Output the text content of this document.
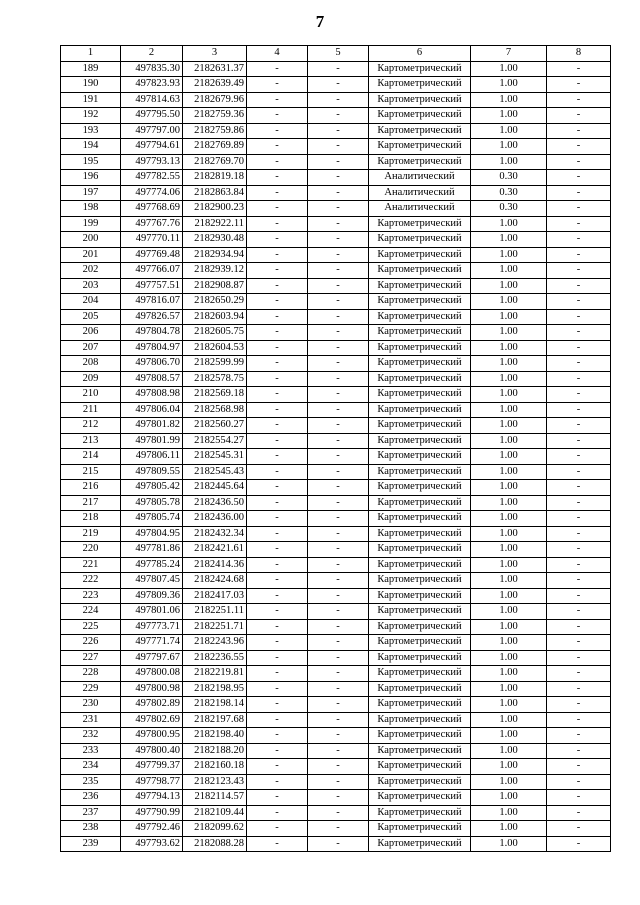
7
1	2	3	4	5	6	7	8
189	497835.30	2182631.37	-	-	Картометрический	1.00	-
190	497823.93	2182639.49	-	-	Картометрический	1.00	-
191	497814.63	2182679.96	-	-	Картометрический	1.00	-
192	497795.50	2182759.36	-	-	Картометрический	1.00	-
193	497797.00	2182759.86	-	-	Картометрический	1.00	-
194	497794.61	2182769.89	-	-	Картометрический	1.00	-
195	497793.13	2182769.70	-	-	Картометрический	1.00	-
196	497782.55	2182819.18	-	-	Аналитический	0.30	-
197	497774.06	2182863.84	-	-	Аналитический	0.30	-
198	497768.69	2182900.23	-	-	Аналитический	0.30	-
199	497767.76	2182922.11	-	-	Картометрический	1.00	-
200	497770.11	2182930.48	-	-	Картометрический	1.00	-
201	497769.48	2182934.94	-	-	Картометрический	1.00	-
202	497766.07	2182939.12	-	-	Картометрический	1.00	-
203	497757.51	2182908.87	-	-	Картометрический	1.00	-
204	497816.07	2182650.29	-	-	Картометрический	1.00	-
205	497826.57	2182603.94	-	-	Картометрический	1.00	-
206	497804.78	2182605.75	-	-	Картометрический	1.00	-
207	497804.97	2182604.53	-	-	Картометрический	1.00	-
208	497806.70	2182599.99	-	-	Картометрический	1.00	-
209	497808.57	2182578.75	-	-	Картометрический	1.00	-
210	497808.98	2182569.18	-	-	Картометрический	1.00	-
211	497806.04	2182568.98	-	-	Картометрический	1.00	-
212	497801.82	2182560.27	-	-	Картометрический	1.00	-
213	497801.99	2182554.27	-	-	Картометрический	1.00	-
214	497806.11	2182545.31	-	-	Картометрический	1.00	-
215	497809.55	2182545.43	-	-	Картометрический	1.00	-
216	497805.42	2182445.64	-	-	Картометрический	1.00	-
217	497805.78	2182436.50	-	-	Картометрический	1.00	-
218	497805.74	2182436.00	-	-	Картометрический	1.00	-
219	497804.95	2182432.34	-	-	Картометрический	1.00	-
220	497781.86	2182421.61	-	-	Картометрический	1.00	-
221	497785.24	2182414.36	-	-	Картометрический	1.00	-
222	497807.45	2182424.68	-	-	Картометрический	1.00	-
223	497809.36	2182417.03	-	-	Картометрический	1.00	-
224	497801.06	2182251.11	-	-	Картометрический	1.00	-
225	497773.71	2182251.71	-	-	Картометрический	1.00	-
226	497771.74	2182243.96	-	-	Картометрический	1.00	-
227	497797.67	2182236.55	-	-	Картометрический	1.00	-
228	497800.08	2182219.81	-	-	Картометрический	1.00	-
229	497800.98	2182198.95	-	-	Картометрический	1.00	-
230	497802.89	2182198.14	-	-	Картометрический	1.00	-
231	497802.69	2182197.68	-	-	Картометрический	1.00	-
232	497800.95	2182198.40	-	-	Картометрический	1.00	-
233	497800.40	2182188.20	-	-	Картометрический	1.00	-
234	497799.37	2182160.18	-	-	Картометрический	1.00	-
235	497798.77	2182123.43	-	-	Картометрический	1.00	-
236	497794.13	2182114.57	-	-	Картометрический	1.00	-
237	497790.99	2182109.44	-	-	Картометрический	1.00	-
238	497792.46	2182099.62	-	-	Картометрический	1.00	-
239	497793.62	2182088.28	-	-	Картометрический	1.00	-
